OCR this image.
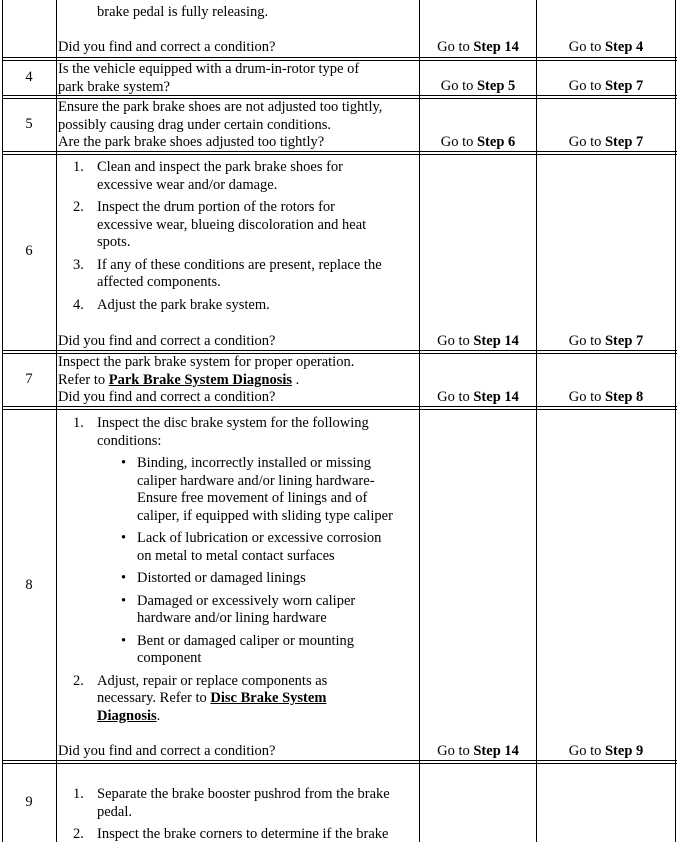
brake pedal is fully releasing.
Did you find and correct a condition?	Go to Step 14	Go to Step 4
4	Is the vehicle equipped with a drum-in-rotor type of
park brake system?	Go to Step 5	Go to Step 7
5
Ensure the park brake shoes are not adjusted too tightly,
possibly causing drag under certain conditions.
Are the park brake shoes adjusted too tightly?	Go to Step 6	Go to Step 7
6
1. Clean and inspect the park brake shoes for
excessive wear and/or damage.
2. Inspect the drum portion of the rotors for
excessive wear, blueing discoloration and heat
spots.
3. If any of these conditions are present, replace the
affected components.
4. Adjust the park brake system.
Did you find and correct a condition?	Go to Step 14	Go to Step 7
7
Inspect the park brake system for proper operation.
Refer to Park Brake System Diagnosis .
Did you find and correct a condition?	Go to Step 14	Go to Step 8
8
1. Inspect the disc brake system for the following
conditions:
• Binding, incorrectly installed or missing
caliper hardware and/or lining hardware-
Ensure free movement of linings and of
caliper, if equipped with sliding type caliper
• Lack of lubrication or excessive corrosion
on metal to metal contact surfaces
• Distorted or damaged linings
• Damaged or excessively worn caliper
hardware and/or lining hardware
• Bent or damaged caliper or mounting
component
2. Adjust, repair or replace components as
necessary. Refer to Disc Brake System
Diagnosis.
Did you find and correct a condition?	Go to Step 14	Go to Step 9
9	1. Separate the brake booster pushrod from the brake
pedal.
2. Inspect the brake corners to determine if the brake
